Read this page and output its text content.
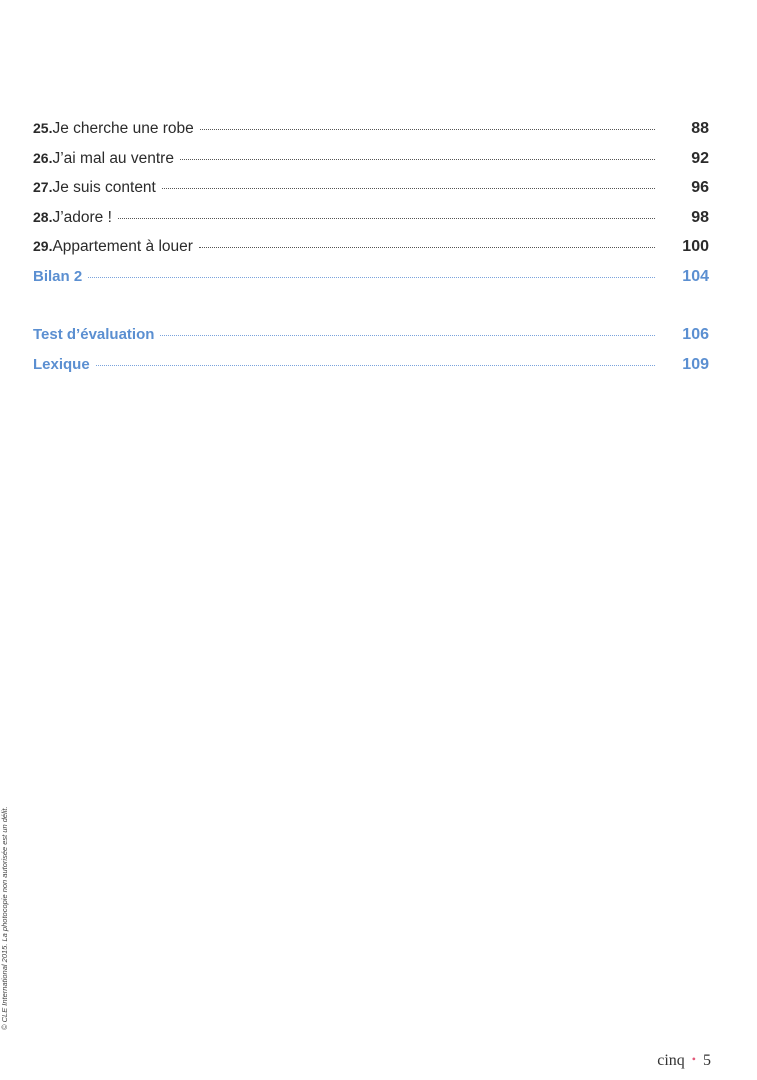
25. Je cherche une robe	88
26. J’ai mal au ventre	92
27. Je suis content	96
28. J’adore !	98
29. Appartement à louer	100
Bilan 2	104
Test d’évaluation	106
Lexique	109
© CLE International 2015. La photocopie non autorisée est un délit.
cinq • 5
